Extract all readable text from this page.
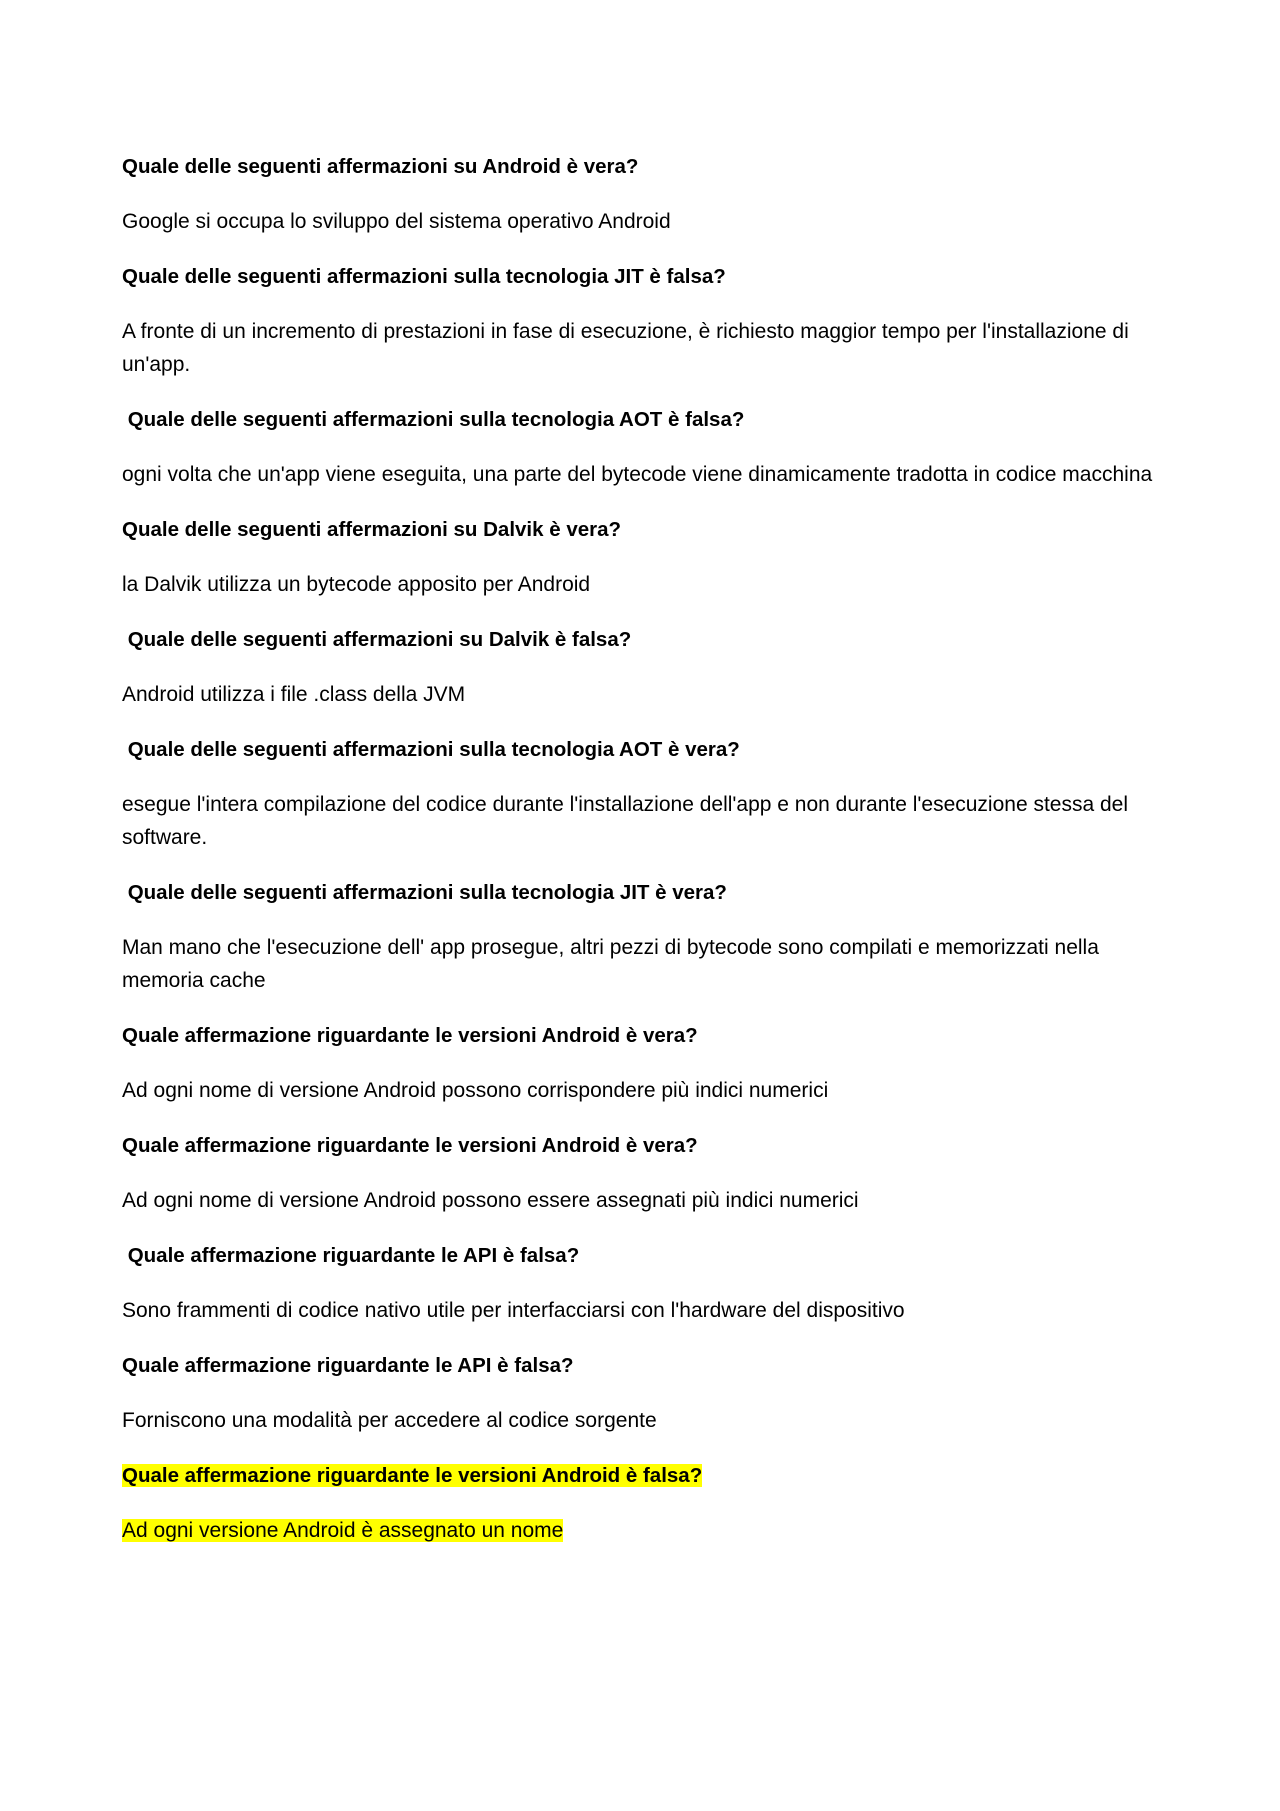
Quale delle seguenti affermazioni su Android è vera?

Google si occupa lo sviluppo del sistema operativo Android

Quale delle seguenti affermazioni sulla tecnologia JIT è falsa?

A fronte di un incremento di prestazioni in fase di esecuzione, è richiesto maggior tempo per l'installazione di un'app.

Quale delle seguenti affermazioni sulla tecnologia AOT è falsa?

ogni volta che un'app viene eseguita, una parte del bytecode viene dinamicamente tradotta in codice macchina

Quale delle seguenti affermazioni su Dalvik è vera?

la Dalvik utilizza un bytecode apposito per Android

Quale delle seguenti affermazioni su Dalvik è falsa?

Android utilizza i file .class della JVM

Quale delle seguenti affermazioni sulla tecnologia AOT è vera?

esegue l'intera compilazione del codice durante l'installazione dell'app e non durante l'esecuzione stessa del software.

Quale delle seguenti affermazioni sulla tecnologia JIT è vera?

Man mano che l'esecuzione dell' app prosegue, altri pezzi di bytecode sono compilati e memorizzati nella memoria cache

Quale affermazione riguardante le versioni Android è vera?

Ad ogni nome di versione Android possono corrispondere più indici numerici

Quale affermazione riguardante le versioni Android è vera?

Ad ogni nome di versione Android possono essere assegnati più indici numerici

Quale affermazione riguardante le API è falsa?

Sono frammenti di codice nativo utile per interfacciarsi con l'hardware del dispositivo

Quale affermazione riguardante le API è falsa?

Forniscono una modalità per accedere al codice sorgente

Quale affermazione riguardante le versioni Android è falsa?

Ad ogni versione Android è assegnato un nome
